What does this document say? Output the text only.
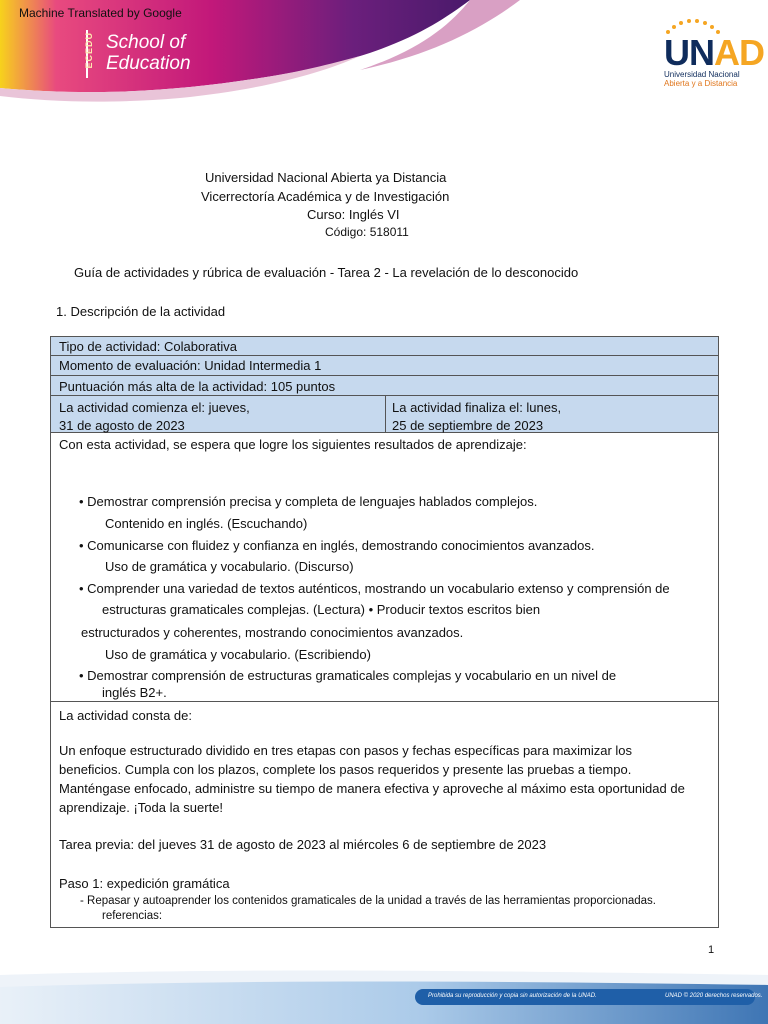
Machine Translated by Google
ECEDU School of
Education	UNAD
Universidad Nacional
Abierta y a Distancia
Universidad Nacional Abierta ya Distancia
Vicerrectoría Académica y de Investigación
Curso: Inglés VI
Código: 518011
Guía de actividades y rúbrica de evaluación - Tarea 2 - La revelación de lo desconocido
1. Descripción de la actividad
Tipo de actividad: Colaborativa
Momento de evaluación: Unidad Intermedia 1
Puntuación más alta de la actividad: 105 puntos
La actividad comienza el: jueves,
31 de agosto de 2023
La actividad finaliza el: lunes,
25 de septiembre de 2023
Con esta actividad, se espera que logre los siguientes resultados de aprendizaje:
• Demostrar comprensión precisa y completa de lenguajes hablados complejos.
Contenido en inglés. (Escuchando)
• Comunicarse con fluidez y confianza en inglés, demostrando conocimientos avanzados.
Uso de gramática y vocabulario. (Discurso)
• Comprender una variedad de textos auténticos, mostrando un vocabulario extenso y comprensión de
estructuras gramaticales complejas. (Lectura) • Producir textos escritos bien
estructurados y coherentes, mostrando conocimientos avanzados.
Uso de gramática y vocabulario. (Escribiendo)
• Demostrar comprensión de estructuras gramaticales complejas y vocabulario en un nivel de
inglés B2+.
La actividad consta de:
Un enfoque estructurado dividido en tres etapas con pasos y fechas específicas para maximizar los
beneficios. Cumpla con los plazos, complete los pasos requeridos y presente las pruebas a tiempo.
Manténgase enfocado, administre su tiempo de manera efectiva y aproveche al máximo esta oportunidad de
aprendizaje. ¡Toda la suerte!
Tarea previa: del jueves 31 de agosto de 2023 al miércoles 6 de septiembre de 2023
Paso 1: expedición gramática
- Repasar y autoaprender los contenidos gramaticales de la unidad a través de las herramientas proporcionadas.
referencias:
1
Prohibida su reproducción y copia sin autorización de la UNAD.	UNAD © 2020 derechos reservados.
